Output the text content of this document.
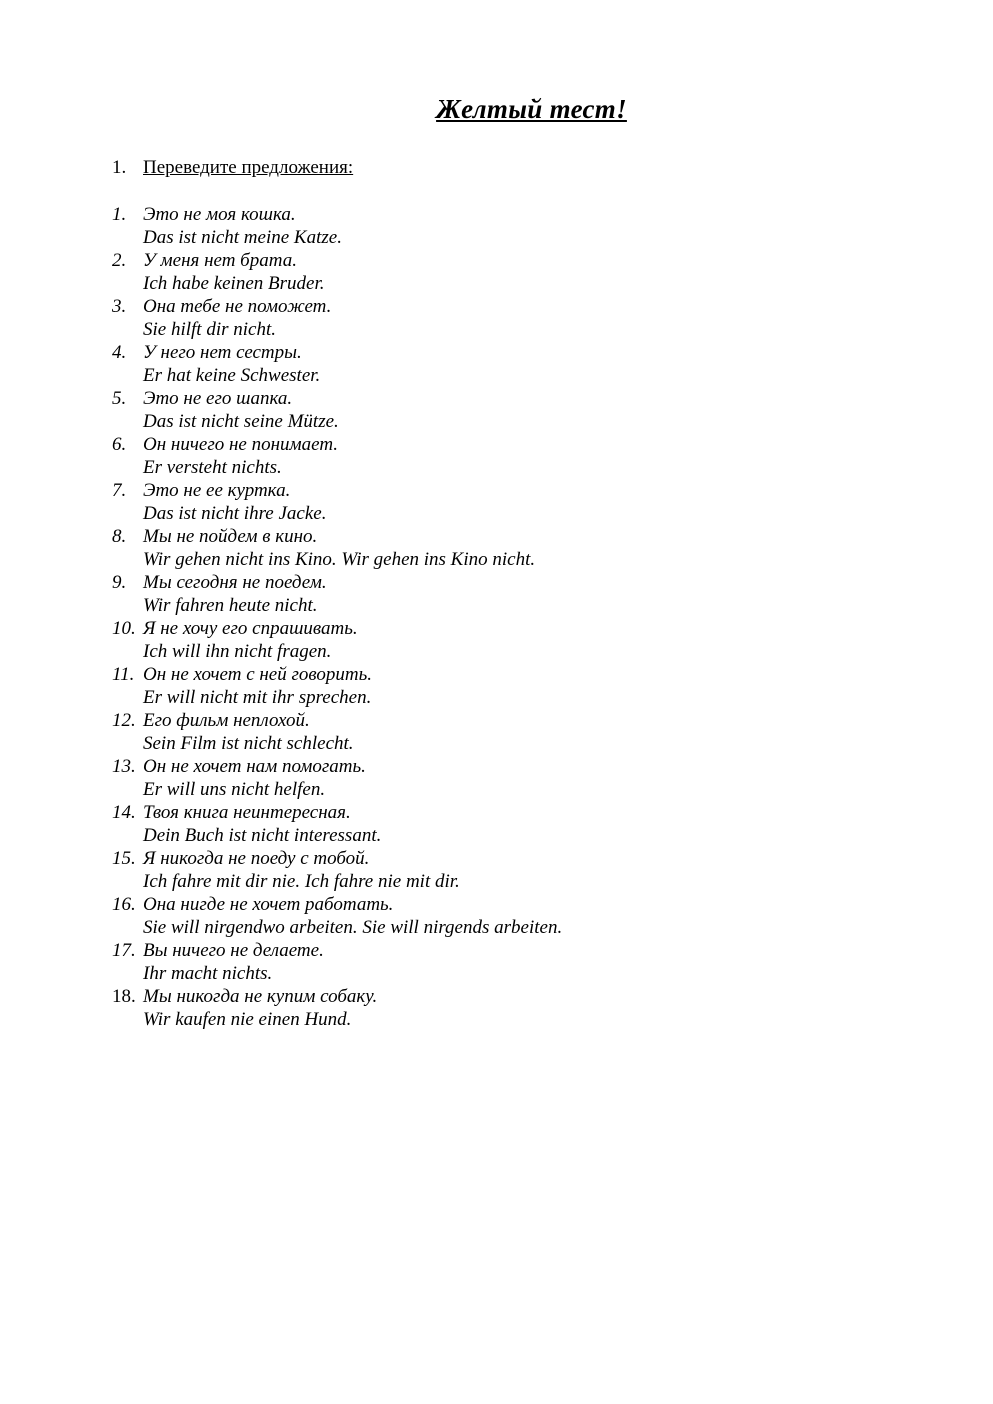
Желтый тест!
1. Переведите предложения:
1. Это не моя кошка.
Das ist nicht meine Katze.
2. У меня нет брата.
Ich habe keinen Bruder.
3. Она тебе не поможет.
Sie hilft dir nicht.
4. У него нет сестры.
Er hat keine Schwester.
5. Это не его шапка.
Das ist nicht seine Mütze.
6. Он ничего не понимает.
Er versteht nichts.
7. Это не ее куртка.
Das ist nicht ihre Jacke.
8. Мы не пойдем в кино.
Wir gehen nicht ins Kino. Wir gehen ins Kino nicht.
9. Мы сегодня не поедем.
Wir fahren heute nicht.
10. Я не хочу его спрашивать.
Ich will ihn nicht fragen.
11. Он не хочет с ней говорить.
Er will nicht mit ihr sprechen.
12. Его фильм неплохой.
Sein Film ist nicht schlecht.
13. Он не хочет нам помогать.
Er will uns nicht helfen.
14. Твоя книга неинтересная.
Dein Buch ist nicht interessant.
15. Я никогда не поеду с тобой.
Ich fahre mit dir nie. Ich fahre nie mit dir.
16. Она нигде не хочет работать.
Sie will nirgendwo arbeiten. Sie will nirgends arbeiten.
17. Вы ничего не делаете.
Ihr macht nichts.
18. Мы никогда не купим собаку.
Wir kaufen nie einen Hund.
